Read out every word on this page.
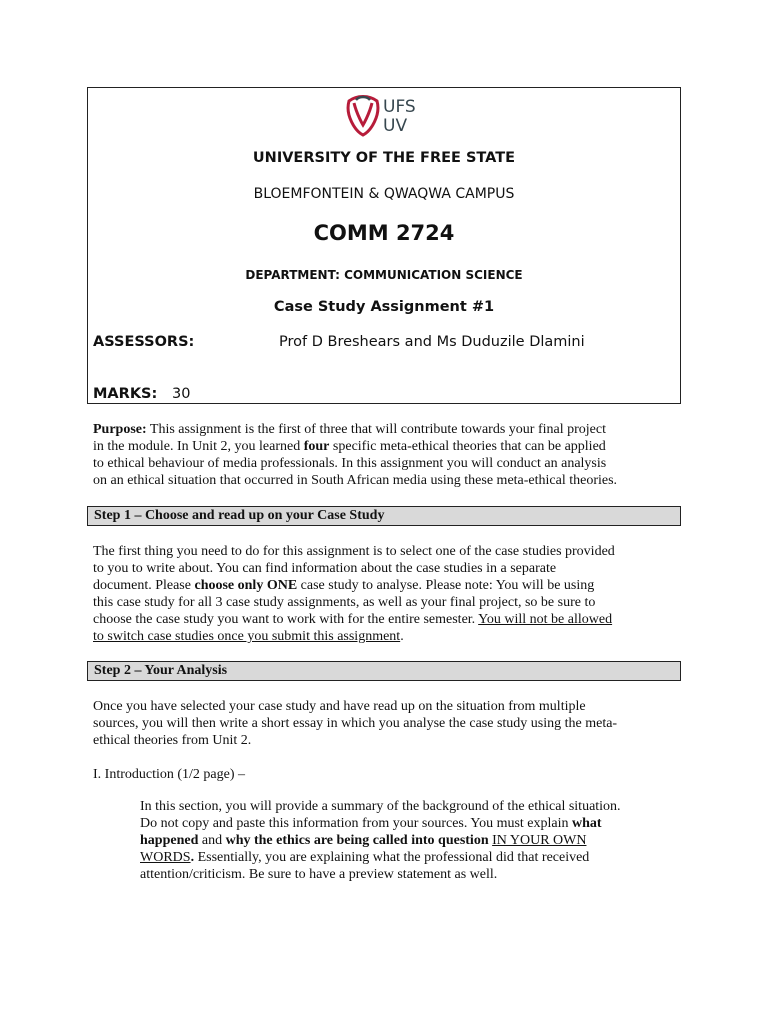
UFS
UV
UNIVERSITY OF THE FREE STATE
BLOEMFONTEIN & QWAQWA CAMPUS
COMM 2724
DEPARTMENT: COMMUNICATION SCIENCE
Case Study Assignment #1
ASSESSORS:	Prof D Breshears and Ms Duduzile Dlamini
MARKS: 30
Purpose: This assignment is the first of three that will contribute towards your final project
in the module. In Unit 2, you learned four specific meta-ethical theories that can be applied
to ethical behaviour of media professionals. In this assignment you will conduct an analysis
on an ethical situation that occurred in South African media using these meta-ethical theories.
Step 1 – Choose and read up on your Case Study
The first thing you need to do for this assignment is to select one of the case studies provided
to you to write about. You can find information about the case studies in a separate
document. Please choose only ONE case study to analyse. Please note: You will be using
this case study for all 3 case study assignments, as well as your final project, so be sure to
choose the case study you want to work with for the entire semester. You will not be allowed
to switch case studies once you submit this assignment.
Step 2 – Your Analysis
Once you have selected your case study and have read up on the situation from multiple
sources, you will then write a short essay in which you analyse the case study using the meta-
ethical theories from Unit 2.
I. Introduction (1/2 page) –
In this section, you will provide a summary of the background of the ethical situation.
Do not copy and paste this information from your sources. You must explain what
happened and why the ethics are being called into question IN YOUR OWN
WORDS. Essentially, you are explaining what the professional did that received
attention/criticism. Be sure to have a preview statement as well.
